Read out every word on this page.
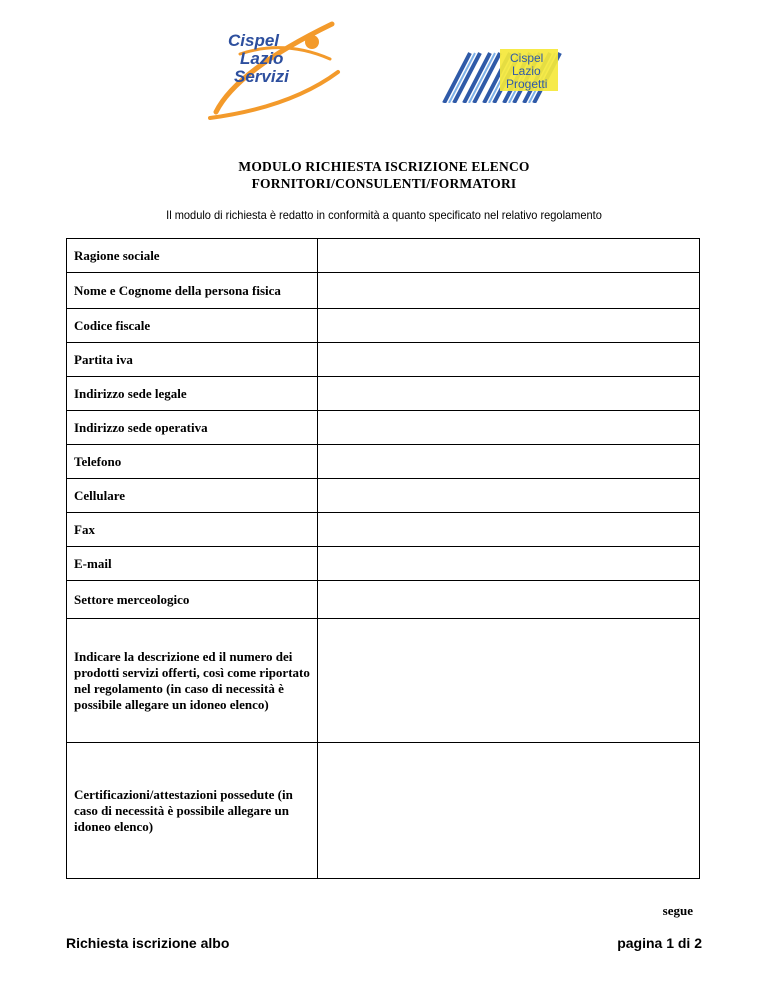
Cispel
Lazio
Servizi
Cispel
Lazio
Progetti
MODULO RICHIESTA ISCRIZIONE ELENCO
FORNITORI/CONSULENTI/FORMATORI
Il modulo di richiesta è redatto in conformità a quanto specificato nel relativo regolamento
Ragione sociale	
Nome e Cognome della persona fisica	
Codice fiscale	
Partita iva	
Indirizzo sede legale	
Indirizzo sede operativa	
Telefono	
Cellulare	
Fax	
E-mail	
Settore merceologico	
Indicare la descrizione ed il numero dei prodotti servizi offerti, così come riportato nel regolamento (in caso di necessità è possibile allegare un idoneo elenco)	
Certificazioni/attestazioni possedute (in caso di necessità è possibile allegare un idoneo elenco)	
segue
Richiesta iscrizione albo	pagina 1 di 2
